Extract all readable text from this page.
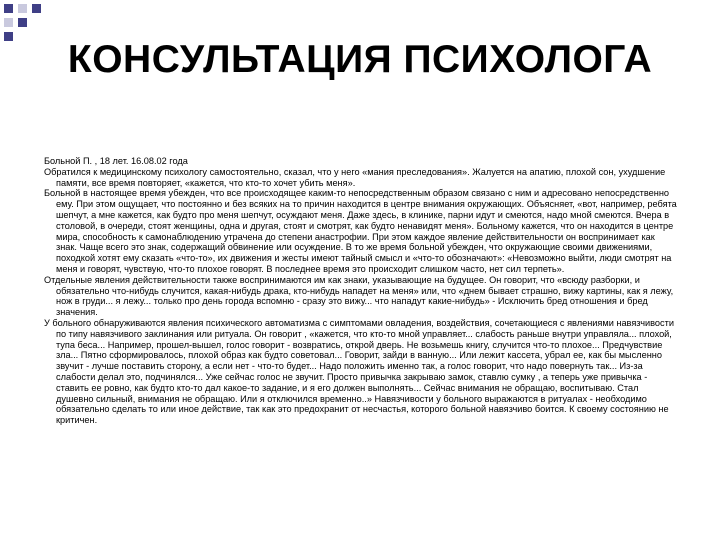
КОНСУЛЬТАЦИЯ ПСИХОЛОГА

Больной П. , 18 лет. 16.08.02 года

Обратился к медицинскому психологу самостоятельно, сказал, что у него «мания преследования». Жалуется на апатию, плохой сон, ухудшение памяти, все время повторяет, «кажется, что кто-то хочет убить меня».

Больной в настоящее время убежден, что все происходящее каким-то непосредственным образом связано с ним и адресовано непосредственно ему. При этом ощущает, что постоянно и без всяких на то причин находится в центре внимания окружающих. Объясняет, «вот, например, ребята шепчут, а мне кажется, как будто про меня шепчут, осуждают меня. Даже здесь, в клинике, парни идут и смеются, надо мной смеются. Вчера в столовой, в очереди, стоят женщины, одна и другая, стоят и смотрят, как будто ненавидят меня». Больному кажется, что он находится в центре мира, способность к самонаблюдению утрачена до степени анастрофии. При этом каждое явление действительности он воспринимает как знак. Чаще всего это знак, содержащий обвинение или осуждение. В то же время больной убежден, что окружающие своими движениями, походкой хотят ему сказать «что-то», их движения и жесты имеют тайный смысл и «что-то обозначают»: «Невозможно выйти, люди смотрят на меня и говорят, чувствую, что-то плохое говорят. В последнее время это происходит слишком часто, нет сил терпеть».

Отдельные явления действительности также воспринимаются им как знаки, указывающие на будущее. Он говорит, что «всюду разборки, и обязательно что-нибудь случится, какая-нибудь драка, кто-нибудь нападет на меня» или, что «днем бывает страшно, вижу картины, как я лежу, нож в груди... я лежу... только про день города вспомню - сразу это вижу... что нападут какие-нибудь» - Исключить бред отношения и бред значения.

У больного обнаруживаются явления психического автоматизма с симптомами овладения, воздействия, сочетающиеся с явлениями навязчивости по типу навязчивого заклинания или ритуала. Он говорит , «кажется, что кто-то мной управляет... слабость раньше внутри управляла... плохой, тупа беса... Например, прошел-вышел, голос говорит - возвратись, открой дверь. Не возьмешь книгу, случится что-то плохое... Предчувствие зла... Пятно сформировалось, плохой образ как будто советовал... Говорит, зайди в ванную... Или лежит кассета, убрал ее, как бы мысленно звучит - лучше поставить сторону, а если нет - что-то будет... Надо положить именно так, а голос говорит, что надо повернуть так... Из-за слабости делал это, подчинялся... Уже сейчас голос не звучит. Просто привычка закрываю замок, ставлю сумку , а теперь уже привычка - ставить ее ровно, как будто кто-то дал какое-то задание, и я его должен выполнять... Сейчас внимания не обращаю, воспитываю. Стал душевно сильный, внимания не обращаю. Или я отключился временно..» Навязчивости у больного выражаются в ритуалах - необходимо обязательно сделать то или иное действие, так как это предохранит от несчастья, которого больной навязчиво боится. К своему состоянию не критичен.
